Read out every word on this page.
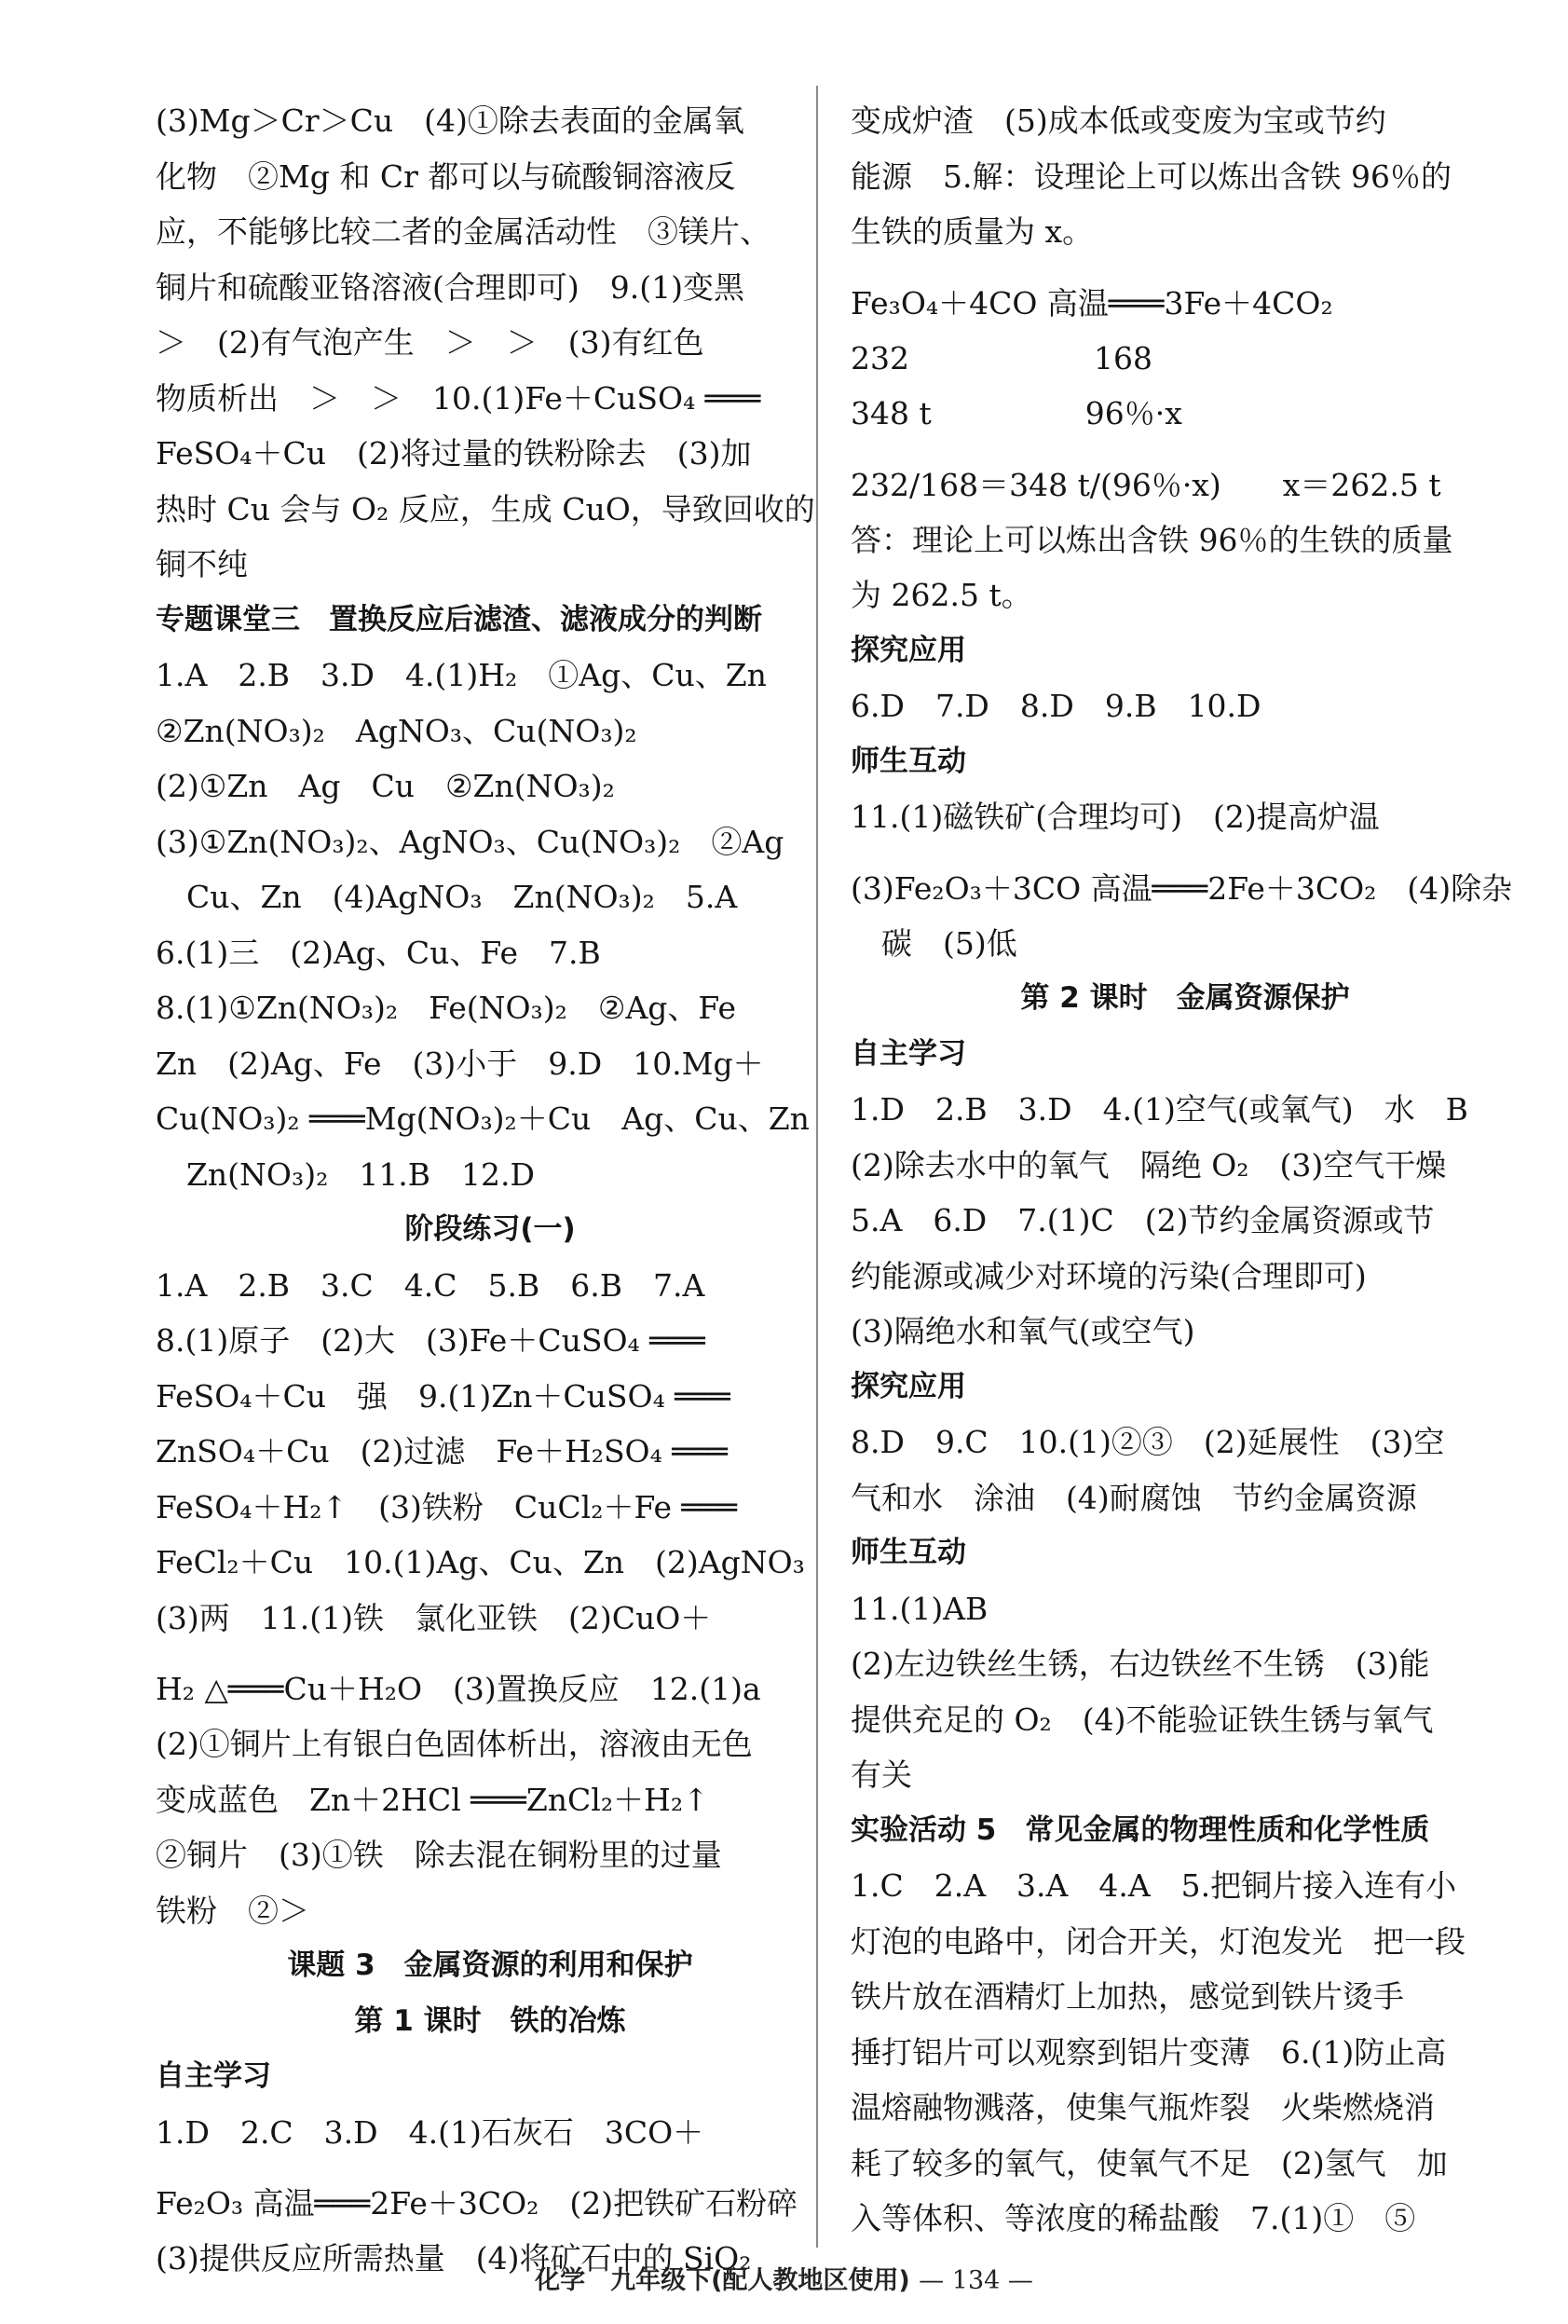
(3)Mg＞Cr＞Cu　(4)①除去表面的金属氧
化物　②Mg 和 Cr 都可以与硫酸铜溶液反
应，不能够比较二者的金属活动性　③镁片、
铜片和硫酸亚铬溶液(合理即可)　9.(1)变黑
＞　(2)有气泡产生　＞　＞　(3)有红色
物质析出　＞　＞　10.(1)Fe＋CuSO₄ ═══
FeSO₄＋Cu　(2)将过量的铁粉除去　(3)加
热时 Cu 会与 O₂ 反应，生成 CuO，导致回收的
铜不纯
专题课堂三　置换反应后滤渣、滤液成分的判断
1.A　2.B　3.D　4.(1)H₂　①Ag、Cu、Zn
②Zn(NO₃)₂　AgNO₃、Cu(NO₃)₂
(2)①Zn　Ag　Cu　②Zn(NO₃)₂
(3)①Zn(NO₃)₂、AgNO₃、Cu(NO₃)₂　②Ag
　Cu、Zn　(4)AgNO₃　Zn(NO₃)₂　5.A
6.(1)三　(2)Ag、Cu、Fe　7.B
8.(1)①Zn(NO₃)₂　Fe(NO₃)₂　②Ag、Fe
Zn　(2)Ag、Fe　(3)小于　9.D　10.Mg＋
Cu(NO₃)₂ ═══Mg(NO₃)₂＋Cu　Ag、Cu、Zn
　Zn(NO₃)₂　11.B　12.D
阶段练习(一)
1.A　2.B　3.C　4.C　5.B　6.B　7.A
8.(1)原子　(2)大　(3)Fe＋CuSO₄ ═══
FeSO₄＋Cu　强　9.(1)Zn＋CuSO₄ ═══
ZnSO₄＋Cu　(2)过滤　Fe＋H₂SO₄ ═══
FeSO₄＋H₂↑　(3)铁粉　CuCl₂＋Fe ═══
FeCl₂＋Cu　10.(1)Ag、Cu、Zn　(2)AgNO₃
(3)两　11.(1)铁　氯化亚铁　(2)CuO＋
H₂ △═══Cu＋H₂O　(3)置换反应　12.(1)a
(2)①铜片上有银白色固体析出，溶液由无色
变成蓝色　Zn＋2HCl ═══ZnCl₂＋H₂↑
②铜片　(3)①铁　除去混在铜粉里的过量
铁粉　②＞
课题 3　金属资源的利用和保护
第 1 课时　铁的冶炼
自主学习
1.D　2.C　3.D　4.(1)石灰石　3CO＋
Fe₂O₃ 高温═══2Fe＋3CO₂　(2)把铁矿石粉碎
(3)提供反应所需热量　(4)将矿石中的 SiO₂
变成炉渣　(5)成本低或变废为宝或节约
能源　5.解：设理论上可以炼出含铁 96％的
生铁的质量为 x。
Fe₃O₄＋4CO 高温═══3Fe＋4CO₂
232　　　　　　168
348 t　　　　　96％·x
232/168＝348 t/(96％·x)　　x＝262.5 t
答：理论上可以炼出含铁 96％的生铁的质量
为 262.5 t。
探究应用
6.D　7.D　8.D　9.B　10.D
师生互动
11.(1)磁铁矿(合理均可)　(2)提高炉温
(3)Fe₂O₃＋3CO 高温═══2Fe＋3CO₂　(4)除杂
　碳　(5)低
第 2 课时　金属资源保护
自主学习
1.D　2.B　3.D　4.(1)空气(或氧气)　水　B
(2)除去水中的氧气　隔绝 O₂　(3)空气干燥
5.A　6.D　7.(1)C　(2)节约金属资源或节
约能源或减少对环境的污染(合理即可)
(3)隔绝水和氧气(或空气)
探究应用
8.D　9.C　10.(1)②③　(2)延展性　(3)空
气和水　涂油　(4)耐腐蚀　节约金属资源
师生互动
11.(1)AB
(2)左边铁丝生锈，右边铁丝不生锈　(3)能
提供充足的 O₂　(4)不能验证铁生锈与氧气
有关
实验活动 5　常见金属的物理性质和化学性质
1.C　2.A　3.A　4.A　5.把铜片接入连有小
灯泡的电路中，闭合开关，灯泡发光　把一段
铁片放在酒精灯上加热，感觉到铁片烫手
捶打铝片可以观察到铝片变薄　6.(1)防止高
温熔融物溅落，使集气瓶炸裂　火柴燃烧消
耗了较多的氧气，使氧气不足　(2)氢气　加
入等体积、等浓度的稀盐酸　7.(1)①　⑤
化学　九年级下(配人教地区使用) — 134 —
